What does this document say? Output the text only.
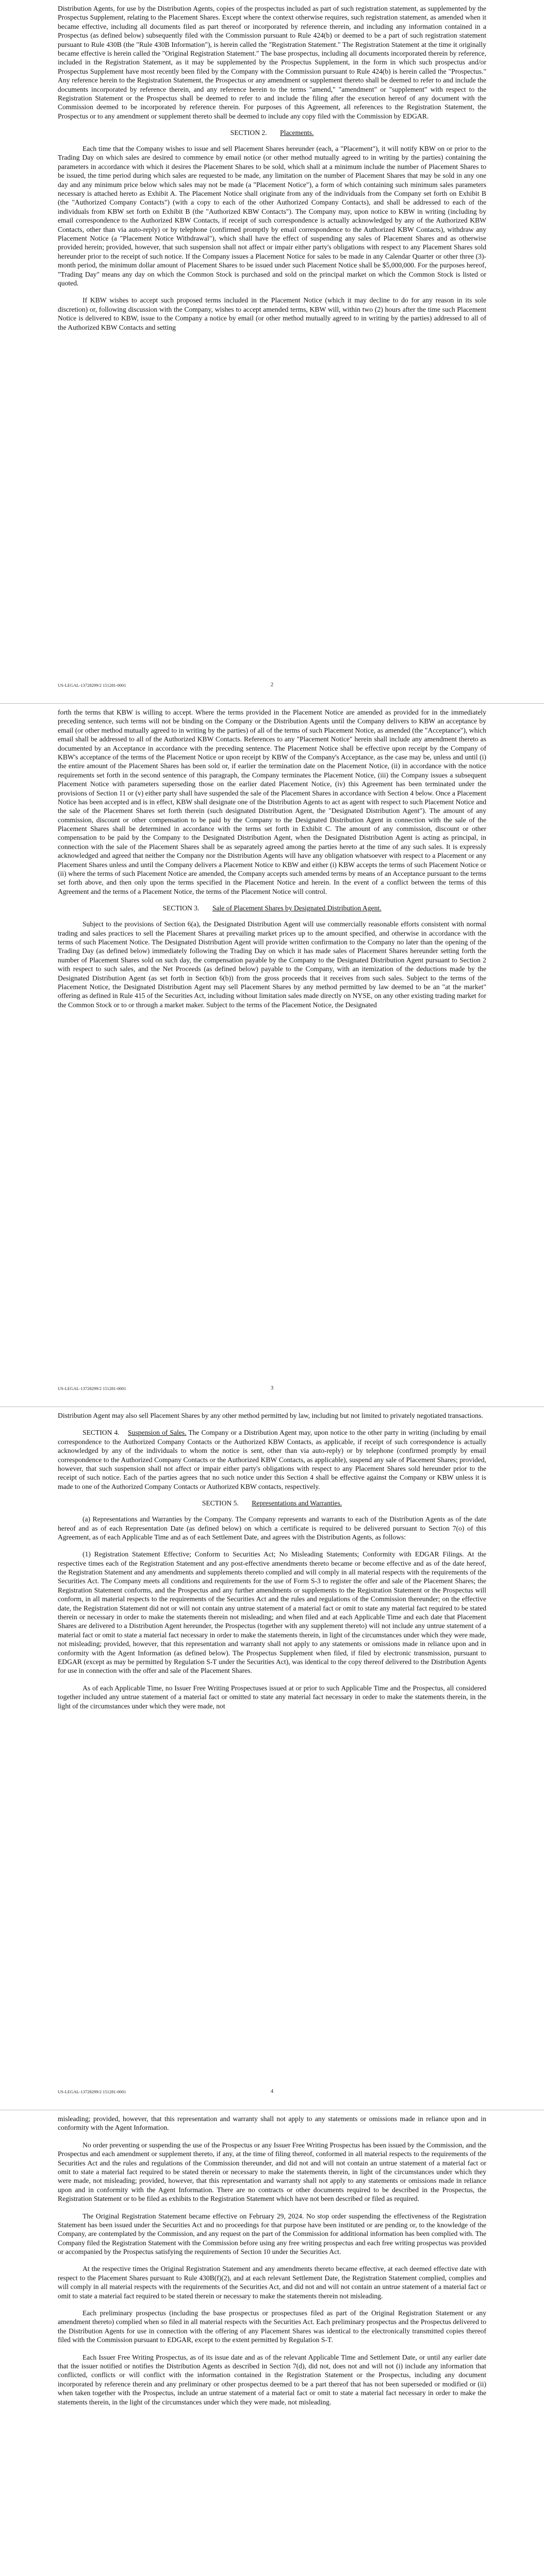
Distribution Agents, for use by the Distribution Agents, copies of the prospectus included as part of such registration statement, as supplemented by the Prospectus Supplement, relating to the Placement Shares. Except where the context otherwise requires, such registration statement, as amended when it became effective, including all documents filed as part thereof or incorporated by reference therein, and including any information contained in a Prospectus (as defined below) subsequently filed with the Commission pursuant to Rule 424(b) or deemed to be a part of such registration statement pursuant to Rule 430B (the "Rule 430B Information"), is herein called the "Registration Statement." The Registration Statement at the time it originally became effective is herein called the "Original Registration Statement." The base prospectus, including all documents incorporated therein by reference, included in the Registration Statement, as it may be supplemented by the Prospectus Supplement, in the form in which such prospectus and/or Prospectus Supplement have most recently been filed by the Company with the Commission pursuant to Rule 424(b) is herein called the "Prospectus." Any reference herein to the Registration Statement, the Prospectus or any amendment or supplement thereto shall be deemed to refer to and include the documents incorporated by reference therein, and any reference herein to the terms "amend," "amendment" or "supplement" with respect to the Registration Statement or the Prospectus shall be deemed to refer to and include the filing after the execution hereof of any document with the Commission deemed to be incorporated by reference therein. For purposes of this Agreement, all references to the Registration Statement, the Prospectus or to any amendment or supplement thereto shall be deemed to include any copy filed with the Commission by EDGAR.

SECTION 2. Placements.

Each time that the Company wishes to issue and sell Placement Shares hereunder (each, a "Placement"), it will notify KBW on or prior to the Trading Day on which sales are desired to commence by email notice (or other method mutually agreed to in writing by the parties) containing the parameters in accordance with which it desires the Placement Shares to be sold, which shall at a minimum include the number of Placement Shares to be issued, the time period during which sales are requested to be made, any limitation on the number of Placement Shares that may be sold in any one day and any minimum price below which sales may not be made (a "Placement Notice"), a form of which containing such minimum sales parameters necessary is attached hereto as Exhibit A. The Placement Notice shall originate from any of the individuals from the Company set forth on Exhibit B (the "Authorized Company Contacts") (with a copy to each of the other Authorized Company Contacts), and shall be addressed to each of the individuals from KBW set forth on Exhibit B (the "Authorized KBW Contacts"). The Company may, upon notice to KBW in writing (including by email correspondence to the Authorized KBW Contacts, if receipt of such correspondence is actually acknowledged by any of the Authorized KBW Contacts, other than via auto-reply) or by telephone (confirmed promptly by email correspondence to the Authorized KBW Contacts), withdraw any Placement Notice (a "Placement Notice Withdrawal"), which shall have the effect of suspending any sales of Placement Shares and as otherwise provided herein; provided, however, that such suspension shall not affect or impair either party's obligations with respect to any Placement Shares sold hereunder prior to the receipt of such notice. If the Company issues a Placement Notice for sales to be made in any Calendar Quarter or other three (3)-month period, the minimum dollar amount of Placement Shares to be issued under such Placement Notice shall be $5,000,000. For the purposes hereof, "Trading Day" means any day on which the Common Stock is purchased and sold on the principal market on which the Common Stock is listed or quoted.

If KBW wishes to accept such proposed terms included in the Placement Notice (which it may decline to do for any reason in its sole discretion) or, following discussion with the Company, wishes to accept amended terms, KBW will, within two (2) hours after the time such Placement Notice is delivered to KBW, issue to the Company a notice by email (or other method mutually agreed to in writing by the parties) addressed to all of the Authorized KBW Contacts and setting

US-LEGAL-13728299/2 151281-0001	2

forth the terms that KBW is willing to accept. Where the terms provided in the Placement Notice are amended as provided for in the immediately preceding sentence, such terms will not be binding on the Company or the Distribution Agents until the Company delivers to KBW an acceptance by email (or other method mutually agreed to in writing by the parties) of all of the terms of such Placement Notice, as amended (the "Acceptance"), which email shall be addressed to all of the Authorized KBW Contacts. References to any "Placement Notice" herein shall include any amendment thereto as documented by an Acceptance in accordance with the preceding sentence. The Placement Notice shall be effective upon receipt by the Company of KBW's acceptance of the terms of the Placement Notice or upon receipt by KBW of the Company's Acceptance, as the case may be, unless and until (i) the entire amount of the Placement Shares has been sold or, if earlier the termination date on the Placement Notice, (ii) in accordance with the notice requirements set forth in the second sentence of this paragraph, the Company terminates the Placement Notice, (iii) the Company issues a subsequent Placement Notice with parameters superseding those on the earlier dated Placement Notice, (iv) this Agreement has been terminated under the provisions of Section 11 or (v) either party shall have suspended the sale of the Placement Shares in accordance with Section 4 below. Once a Placement Notice has been accepted and is in effect, KBW shall designate one of the Distribution Agents to act as agent with respect to such Placement Notice and the sale of the Placement Shares set forth therein (such designated Distribution Agent, the "Designated Distribution Agent"). The amount of any commission, discount or other compensation to be paid by the Company to the Designated Distribution Agent in connection with the sale of the Placement Shares shall be determined in accordance with the terms set forth in Exhibit C. The amount of any commission, discount or other compensation to be paid by the Company to the Designated Distribution Agent, when the Designated Distribution Agent is acting as principal, in connection with the sale of the Placement Shares shall be as separately agreed among the parties hereto at the time of any such sales. It is expressly acknowledged and agreed that neither the Company nor the Distribution Agents will have any obligation whatsoever with respect to a Placement or any Placement Shares unless and until the Company delivers a Placement Notice to KBW and either (i) KBW accepts the terms of such Placement Notice or (ii) where the terms of such Placement Notice are amended, the Company accepts such amended terms by means of an Acceptance pursuant to the terms set forth above, and then only upon the terms specified in the Placement Notice and herein. In the event of a conflict between the terms of this Agreement and the terms of a Placement Notice, the terms of the Placement Notice will control.

SECTION 3. Sale of Placement Shares by Designated Distribution Agent.

Subject to the provisions of Section 6(a), the Designated Distribution Agent will use commercially reasonable efforts consistent with normal trading and sales practices to sell the Placement Shares at prevailing market prices up to the amount specified, and otherwise in accordance with the terms of such Placement Notice. The Designated Distribution Agent will provide written confirmation to the Company no later than the opening of the Trading Day (as defined below) immediately following the Trading Day on which it has made sales of Placement Shares hereunder setting forth the number of Placement Shares sold on such day, the compensation payable by the Company to the Designated Distribution Agent pursuant to Section 2 with respect to such sales, and the Net Proceeds (as defined below) payable to the Company, with an itemization of the deductions made by the Designated Distribution Agent (as set forth in Section 6(b)) from the gross proceeds that it receives from such sales. Subject to the terms of the Placement Notice, the Designated Distribution Agent may sell Placement Shares by any method permitted by law deemed to be an "at the market" offering as defined in Rule 415 of the Securities Act, including without limitation sales made directly on NYSE, on any other existing trading market for the Common Stock or to or through a market maker. Subject to the terms of the Placement Notice, the Designated

US-LEGAL-13728299/2 151281-0001	3

Distribution Agent may also sell Placement Shares by any other method permitted by law, including but not limited to privately negotiated transactions.

SECTION 4. Suspension of Sales. The Company or a Distribution Agent may, upon notice to the other party in writing (including by email correspondence to the Authorized Company Contacts or the Authorized KBW Contacts, as applicable, if receipt of such correspondence is actually acknowledged by any of the individuals to whom the notice is sent, other than via auto-reply) or by telephone (confirmed promptly by email correspondence to the Authorized Company Contacts or the Authorized KBW Contacts, as applicable), suspend any sale of Placement Shares; provided, however, that such suspension shall not affect or impair either party's obligations with respect to any Placement Shares sold hereunder prior to the receipt of such notice. Each of the parties agrees that no such notice under this Section 4 shall be effective against the Company or KBW unless it is made to one of the Authorized Company Contacts or Authorized KBW contacts, respectively.

SECTION 5. Representations and Warranties.

(a) Representations and Warranties by the Company. The Company represents and warrants to each of the Distribution Agents as of the date hereof and as of each Representation Date (as defined below) on which a certificate is required to be delivered pursuant to Section 7(o) of this Agreement, as of each Applicable Time and as of each Settlement Date, and agrees with the Distribution Agents, as follows:

(1) Registration Statement Effective; Conform to Securities Act; No Misleading Statements; Conformity with EDGAR Filings. At the respective times each of the Registration Statement and any post-effective amendments thereto became or become effective and as of the date hereof, the Registration Statement and any amendments and supplements thereto complied and will comply in all material respects with the requirements of the Securities Act. The Company meets all conditions and requirements for the use of Form S-3 to register the offer and sale of the Placement Shares; the Registration Statement conforms, and the Prospectus and any further amendments or supplements to the Registration Statement or the Prospectus will conform, in all material respects to the requirements of the Securities Act and the rules and regulations of the Commission thereunder; on the effective date, the Registration Statement did not or will not contain any untrue statement of a material fact or omit to state any material fact required to be stated therein or necessary in order to make the statements therein not misleading; and when filed and at each Applicable Time and each date that Placement Shares are delivered to a Distribution Agent hereunder, the Prospectus (together with any supplement thereto) will not include any untrue statement of a material fact or omit to state a material fact necessary in order to make the statements therein, in light of the circumstances under which they were made, not misleading; provided, however, that this representation and warranty shall not apply to any statements or omissions made in reliance upon and in conformity with the Agent Information (as defined below). The Prospectus Supplement when filed, if filed by electronic transmission, pursuant to EDGAR (except as may be permitted by Regulation S-T under the Securities Act), was identical to the copy thereof delivered to the Distribution Agents for use in connection with the offer and sale of the Placement Shares.

As of each Applicable Time, no Issuer Free Writing Prospectuses issued at or prior to such Applicable Time and the Prospectus, all considered together included any untrue statement of a material fact or omitted to state any material fact necessary in order to make the statements therein, in the light of the circumstances under which they were made, not

US-LEGAL-13728299/2 151281-0001	4

misleading; provided, however, that this representation and warranty shall not apply to any statements or omissions made in reliance upon and in conformity with the Agent Information.

No order preventing or suspending the use of the Prospectus or any Issuer Free Writing Prospectus has been issued by the Commission, and the Prospectus and each amendment or supplement thereto, if any, at the time of filing thereof, conformed in all material respects to the requirements of the Securities Act and the rules and regulations of the Commission thereunder, and did not and will not contain an untrue statement of a material fact or omit to state a material fact required to be stated therein or necessary to make the statements therein, in light of the circumstances under which they were made, not misleading; provided, however, that this representation and warranty shall not apply to any statements or omissions made in reliance upon and in conformity with the Agent Information. There are no contracts or other documents required to be described in the Prospectus, the Registration Statement or to be filed as exhibits to the Registration Statement which have not been described or filed as required.

The Original Registration Statement became effective on February 29, 2024. No stop order suspending the effectiveness of the Registration Statement has been issued under the Securities Act and no proceedings for that purpose have been instituted or are pending or, to the knowledge of the Company, are contemplated by the Commission, and any request on the part of the Commission for additional information has been complied with. The Company filed the Registration Statement with the Commission before using any free writing prospectus and each free writing prospectus was provided or accompanied by the Prospectus satisfying the requirements of Section 10 under the Securities Act.

At the respective times the Original Registration Statement and any amendments thereto became effective, at each deemed effective date with respect to the Placement Shares pursuant to Rule 430B(f)(2), and at each relevant Settlement Date, the Registration Statement complied, complies and will comply in all material respects with the requirements of the Securities Act, and did not and will not contain an untrue statement of a material fact or omit to state a material fact required to be stated therein or necessary to make the statements therein not misleading.

Each preliminary prospectus (including the base prospectus or prospectuses filed as part of the Original Registration Statement or any amendment thereto) complied when so filed in all material respects with the Securities Act. Each preliminary prospectus and the Prospectus delivered to the Distribution Agents for use in connection with the offering of any Placement Shares was identical to the electronically transmitted copies thereof filed with the Commission pursuant to EDGAR, except to the extent permitted by Regulation S-T.

Each Issuer Free Writing Prospectus, as of its issue date and as of the relevant Applicable Time and Settlement Date, or until any earlier date that the issuer notified or notifies the Distribution Agents as described in Section 7(d), did not, does not and will not (i) include any information that conflicted, conflicts or will conflict with the information contained in the Registration Statement or the Prospectus, including any document incorporated by reference therein and any preliminary or other prospectus deemed to be a part thereof that has not been superseded or modified or (ii) when taken together with the Prospectus, include an untrue statement of a material fact or omit to state a material fact necessary in order to make the statements therein, in the light of the circumstances under which they were made, not misleading.
